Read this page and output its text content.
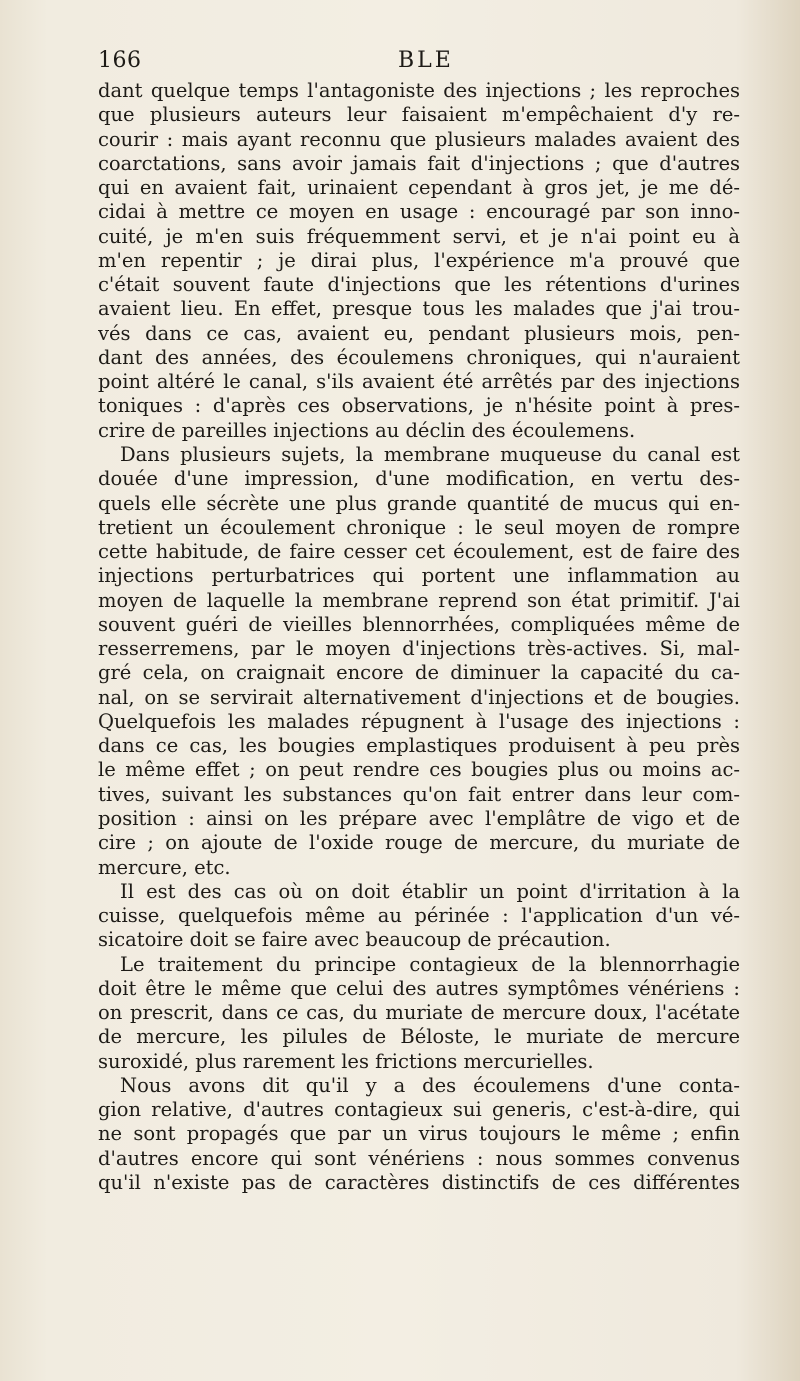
166	BLE
dant quelque temps l'antagoniste des injections ; les reproches
que plusieurs auteurs leur faisaient m'empêchaient d'y re-
courir : mais ayant reconnu que plusieurs malades avaient des
coarctations, sans avoir jamais fait d'injections ; que d'autres
qui en avaient fait, urinaient cependant à gros jet, je me dé-
cidai à mettre ce moyen en usage : encouragé par son inno-
cuité, je m'en suis fréquemment servi, et je n'ai point eu à
m'en repentir ; je dirai plus, l'expérience m'a prouvé que
c'était souvent faute d'injections que les rétentions d'urines
avaient lieu. En effet, presque tous les malades que j'ai trou-
vés dans ce cas, avaient eu, pendant plusieurs mois, pen-
dant des années, des écoulemens chroniques, qui n'auraient
point altéré le canal, s'ils avaient été arrêtés par des injections
toniques : d'après ces observations, je n'hésite point à pres-
crire de pareilles injections au déclin des écoulemens.
Dans plusieurs sujets, la membrane muqueuse du canal est
douée d'une impression, d'une modification, en vertu des-
quels elle sécrète une plus grande quantité de mucus qui en-
tretient un écoulement chronique : le seul moyen de rompre
cette habitude, de faire cesser cet écoulement, est de faire des
injections perturbatrices qui portent une inflammation au
moyen de laquelle la membrane reprend son état primitif. J'ai
souvent guéri de vieilles blennorrhées, compliquées même de
resserremens, par le moyen d'injections très-actives. Si, mal-
gré cela, on craignait encore de diminuer la capacité du ca-
nal, on se servirait alternativement d'injections et de bougies.
Quelquefois les malades répugnent à l'usage des injections :
dans ce cas, les bougies emplastiques produisent à peu près
le même effet ; on peut rendre ces bougies plus ou moins ac-
tives, suivant les substances qu'on fait entrer dans leur com-
position : ainsi on les prépare avec l'emplâtre de vigo et de
cire ; on ajoute de l'oxide rouge de mercure, du muriate de
mercure, etc.
Il est des cas où on doit établir un point d'irritation à la
cuisse, quelquefois même au périnée : l'application d'un vé-
sicatoire doit se faire avec beaucoup de précaution.
Le traitement du principe contagieux de la blennorrhagie
doit être le même que celui des autres symptômes vénériens :
on prescrit, dans ce cas, du muriate de mercure doux, l'acétate
de mercure, les pilules de Béloste, le muriate de mercure
suroxidé, plus rarement les frictions mercurielles.
Nous avons dit qu'il y a des écoulemens d'une conta-
gion relative, d'autres contagieux sui generis, c'est-à-dire, qui
ne sont propagés que par un virus toujours le même ; enfin
d'autres encore qui sont vénériens : nous sommes convenus
qu'il n'existe pas de caractères distinctifs de ces différentes
